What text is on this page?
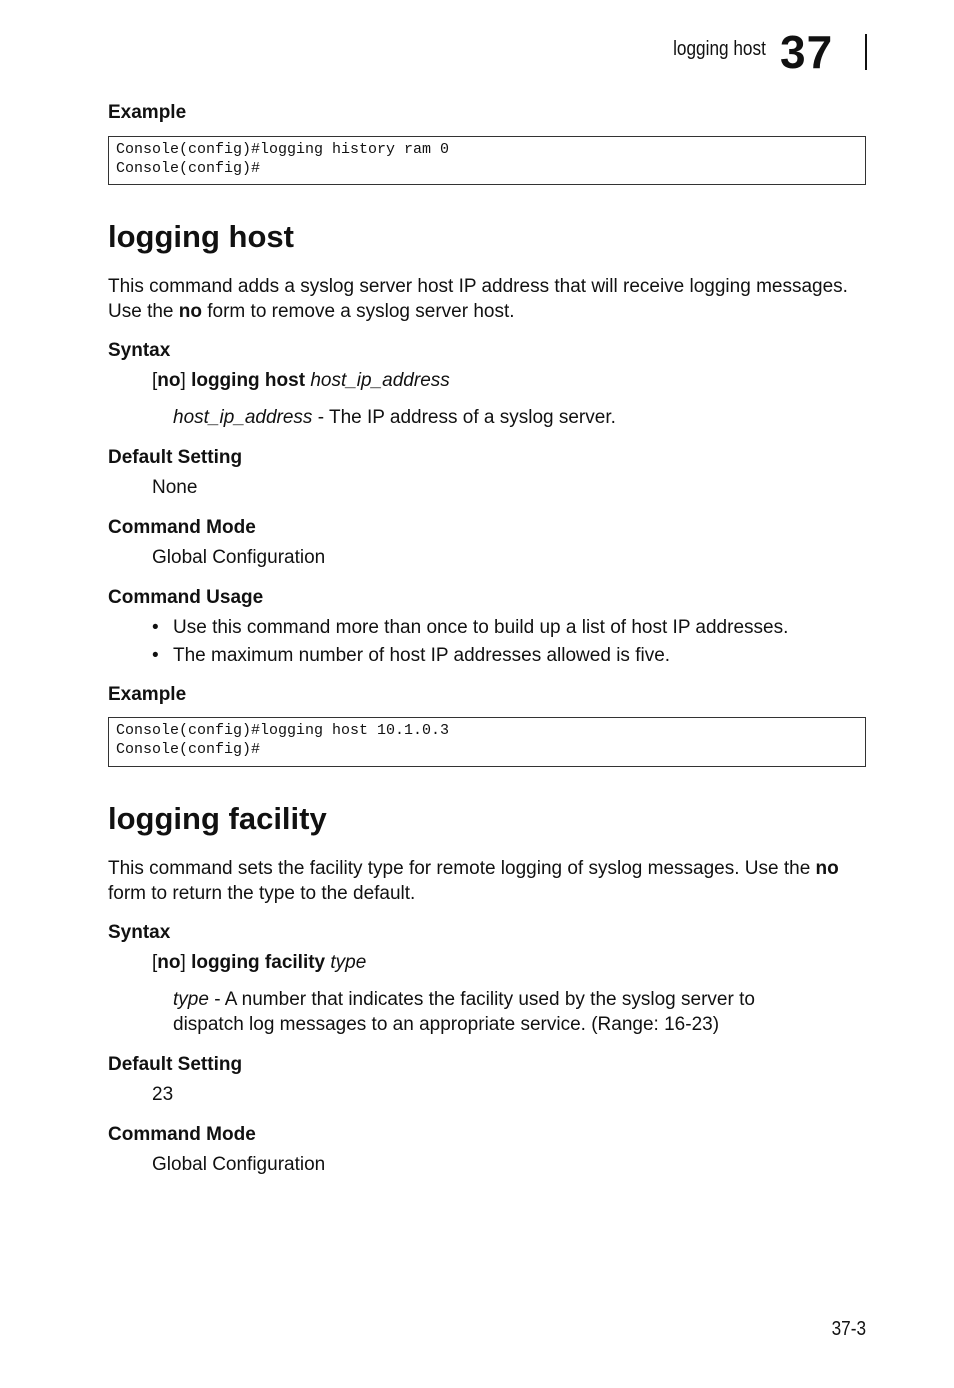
logging host 37
Example
Console(config)#logging history ram 0
Console(config)#
logging host
This command adds a syslog server host IP address that will receive logging messages. Use the no form to remove a syslog server host.
Syntax
[no] logging host host_ip_address
host_ip_address - The IP address of a syslog server.
Default Setting
None
Command Mode
Global Configuration
Command Usage
• Use this command more than once to build up a list of host IP addresses.
• The maximum number of host IP addresses allowed is five.
Example
Console(config)#logging host 10.1.0.3
Console(config)#
logging facility
This command sets the facility type for remote logging of syslog messages. Use the no form to return the type to the default.
Syntax
[no] logging facility type
type - A number that indicates the facility used by the syslog server to
dispatch log messages to an appropriate service. (Range: 16-23)
Default Setting
23
Command Mode
Global Configuration
37-3
